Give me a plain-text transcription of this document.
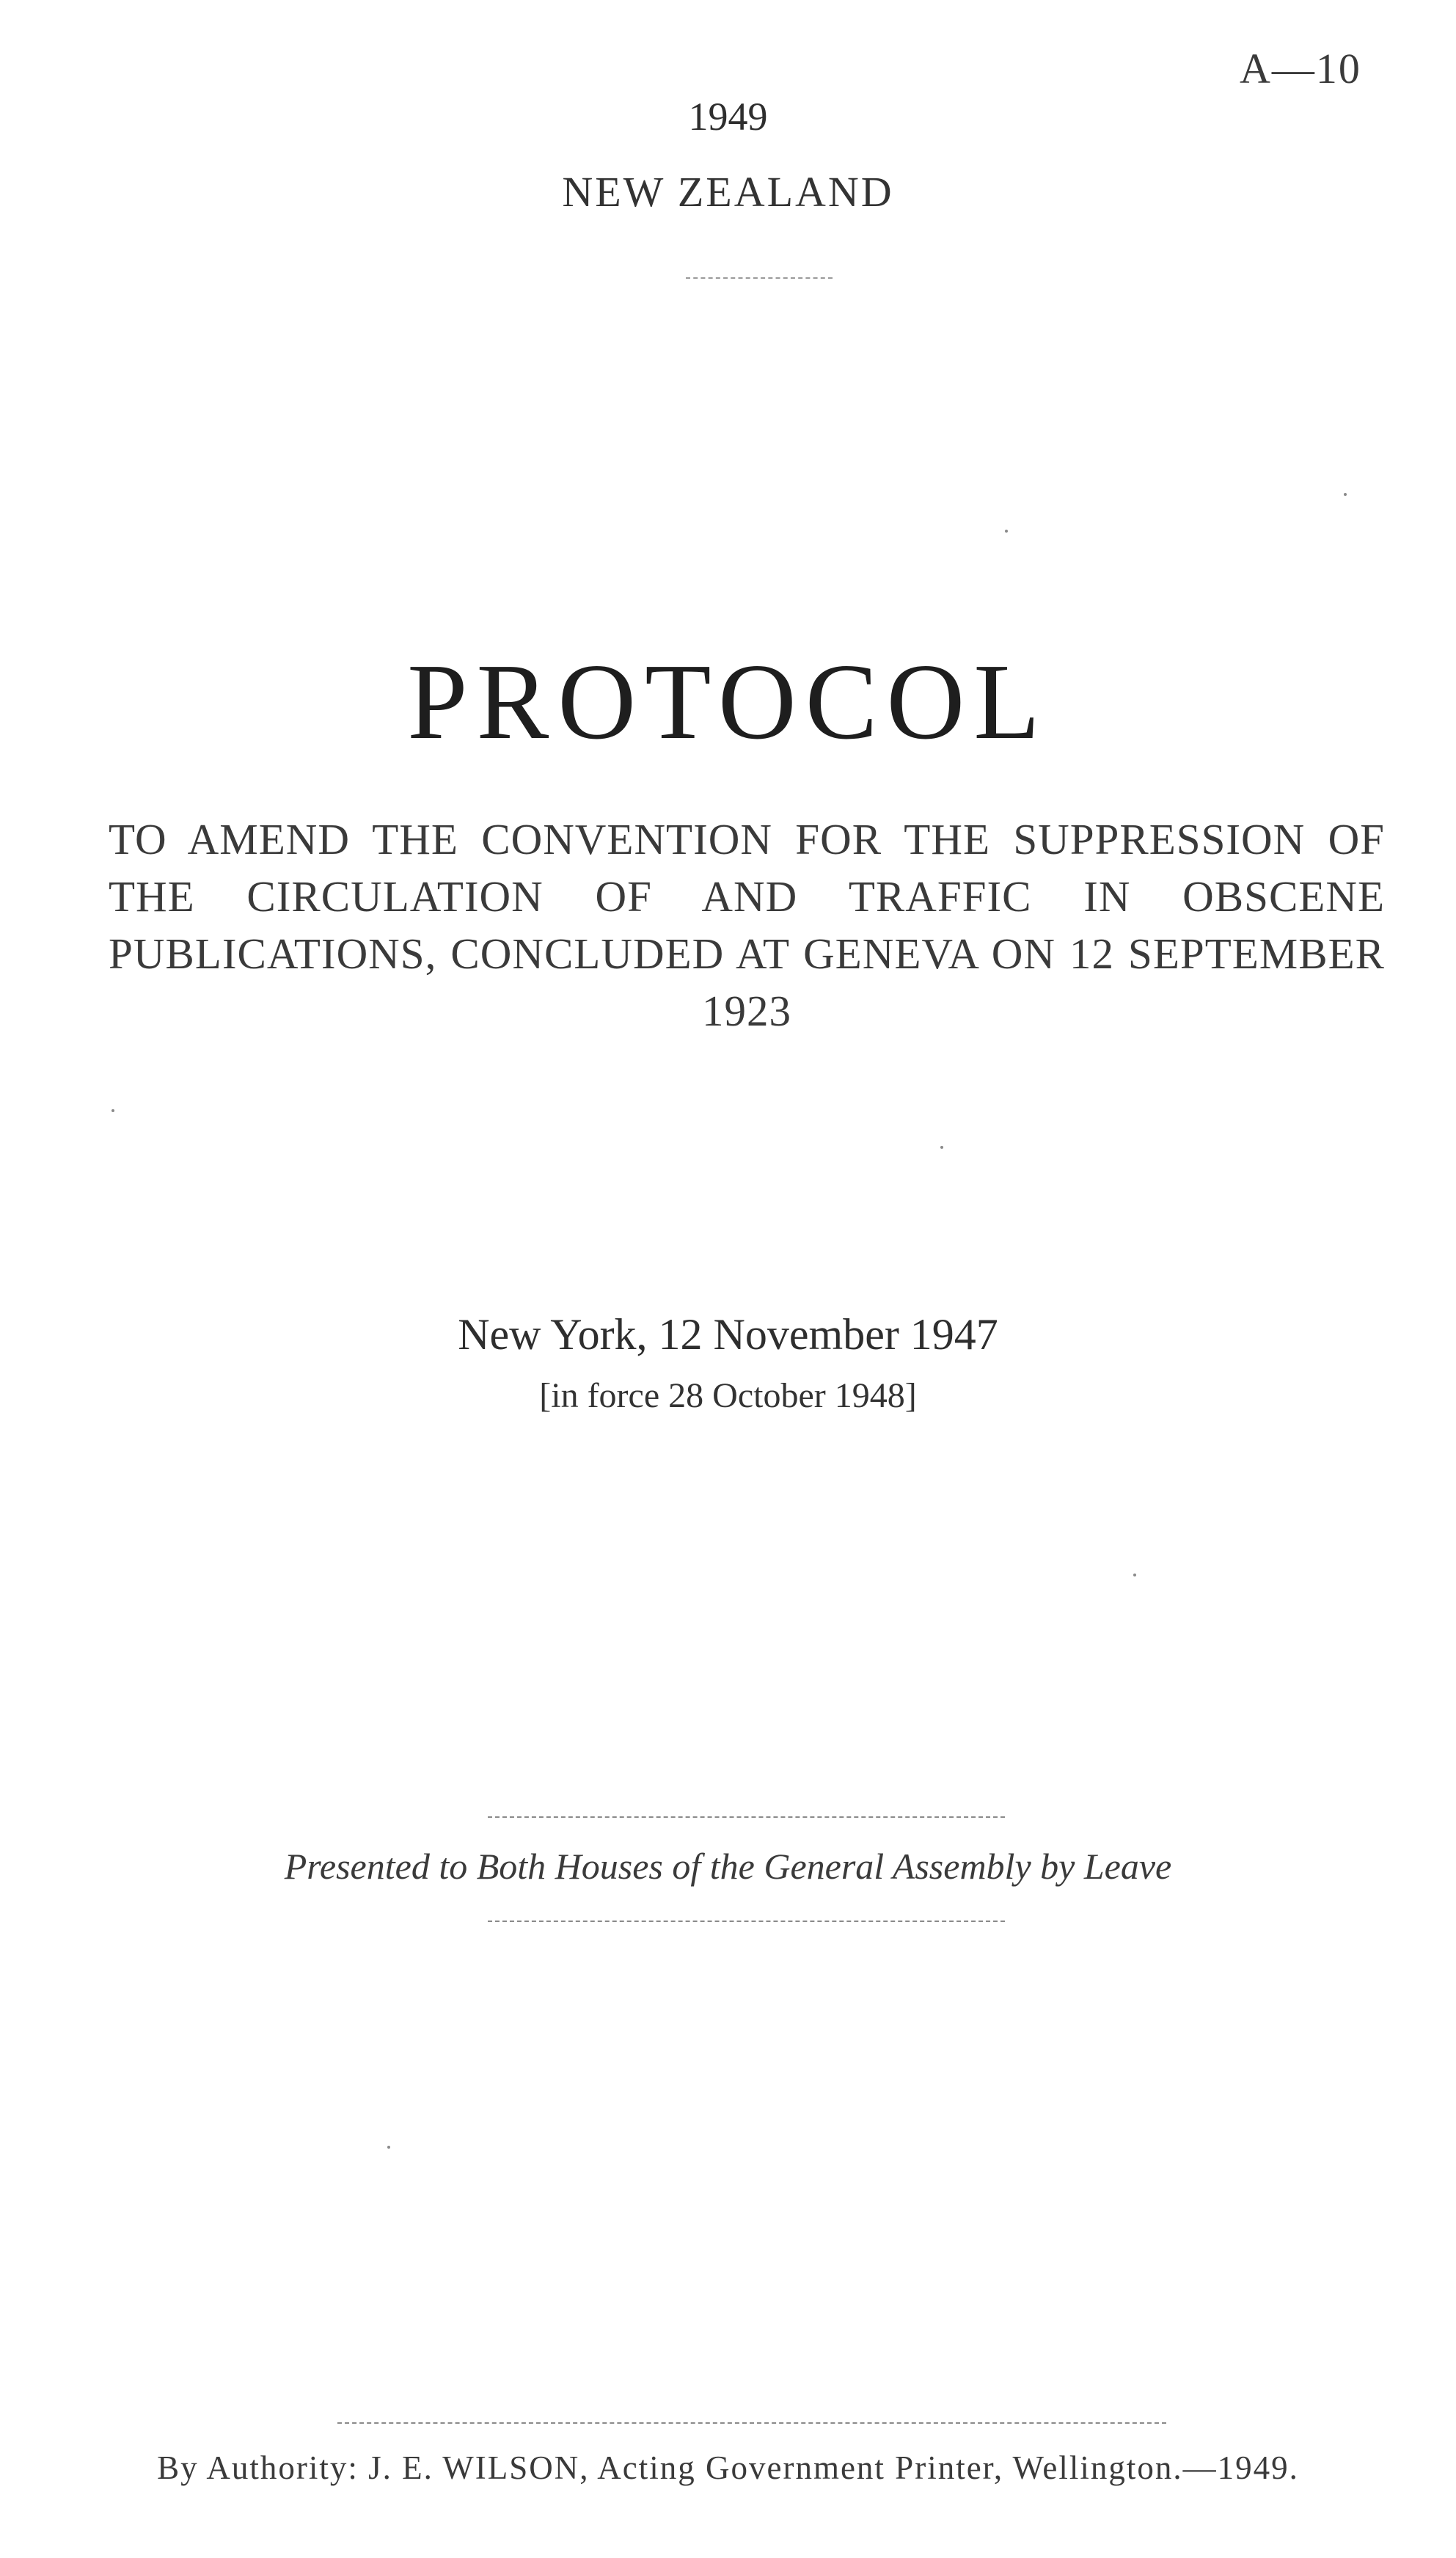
A—10
1949
NEW ZEALAND
PROTOCOL

TO AMEND THE CONVENTION FOR THE SUPPRESSION OF THE CIRCULATION OF AND TRAFFIC IN OBSCENE PUBLICATIONS, CONCLUDED AT GENEVA ON 12 SEPTEMBER 1923

New York, 12 November 1947
[in force 28 October 1948]
Presented to Both Houses of the General Assembly by Leave
By Authority: J. E. WILSON, Acting Government Printer, Wellington.—1949.
